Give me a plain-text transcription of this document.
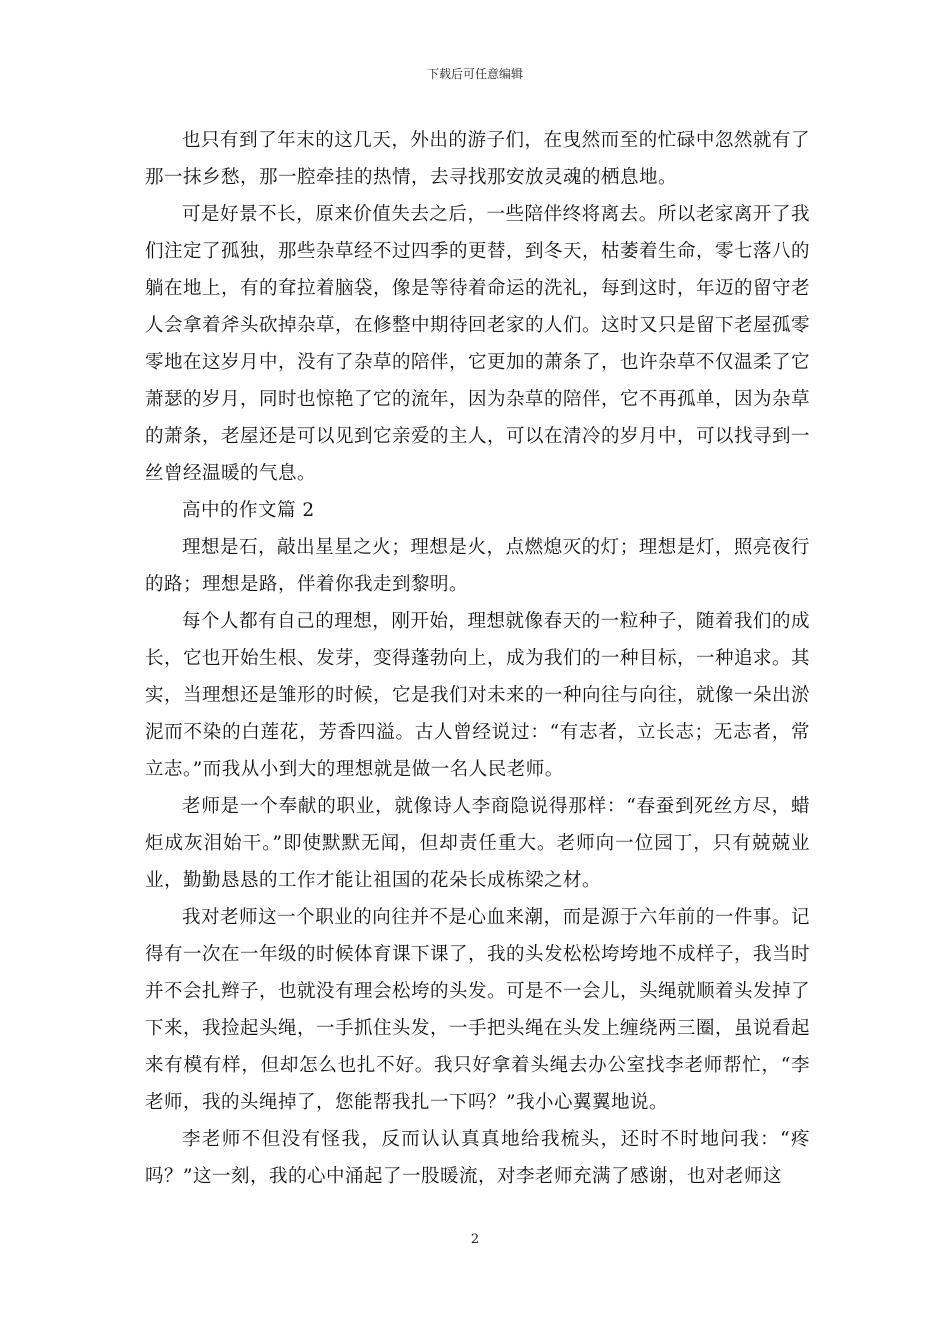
下载后可任意编辑

也只有到了年末的这几天，外出的游子们，在曳然而至的忙碌中忽然就有了那一抹乡愁，那一腔牵挂的热情，去寻找那安放灵魂的栖息地。

可是好景不长，原来价值失去之后，一些陪伴终将离去。所以老家离开了我们注定了孤独，那些杂草经不过四季的更替，到冬天，枯萎着生命，零七落八的躺在地上，有的耷拉着脑袋，像是等待着命运的洗礼，每到这时，年迈的留守老人会拿着斧头砍掉杂草，在修整中期待回老家的人们。这时又只是留下老屋孤零零地在这岁月中，没有了杂草的陪伴，它更加的萧条了，也许杂草不仅温柔了它萧瑟的岁月，同时也惊艳了它的流年，因为杂草的陪伴，它不再孤单，因为杂草的萧条，老屋还是可以见到它亲爱的主人，可以在清冷的岁月中，可以找寻到一丝曾经温暖的气息。

高中的作文篇 2

理想是石，敲出星星之火；理想是火，点燃熄灭的灯；理想是灯，照亮夜行的路；理想是路，伴着你我走到黎明。

每个人都有自己的理想，刚开始，理想就像春天的一粒种子，随着我们的成长，它也开始生根、发芽，变得蓬勃向上，成为我们的一种目标，一种追求。其实，当理想还是雏形的时候，它是我们对未来的一种向往与向往，就像一朵出淤泥而不染的白莲花，芳香四溢。古人曾经说过：“有志者，立长志；无志者，常立志。”而我从小到大的理想就是做一名人民老师。

老师是一个奉献的职业，就像诗人李商隐说得那样：“春蚕到死丝方尽，蜡炬成灰泪始干。”即使默默无闻，但却责任重大。老师向一位园丁，只有兢兢业业，勤勤恳恳的工作才能让祖国的花朵长成栋梁之材。

我对老师这一个职业的向往并不是心血来潮，而是源于六年前的一件事。记得有一次在一年级的时候体育课下课了，我的头发松松垮垮地不成样子，我当时并不会扎辫子，也就没有理会松垮的头发。可是不一会儿，头绳就顺着头发掉了下来，我捡起头绳，一手抓住头发，一手把头绳在头发上缠绕两三圈，虽说看起来有模有样，但却怎么也扎不好。我只好拿着头绳去办公室找李老师帮忙，“李老师，我的头绳掉了，您能帮我扎一下吗？”我小心翼翼地说。

李老师不但没有怪我，反而认认真真地给我梳头，还时不时地问我：“疼吗？”这一刻，我的心中涌起了一股暖流，对李老师充满了感谢，也对老师这

2
